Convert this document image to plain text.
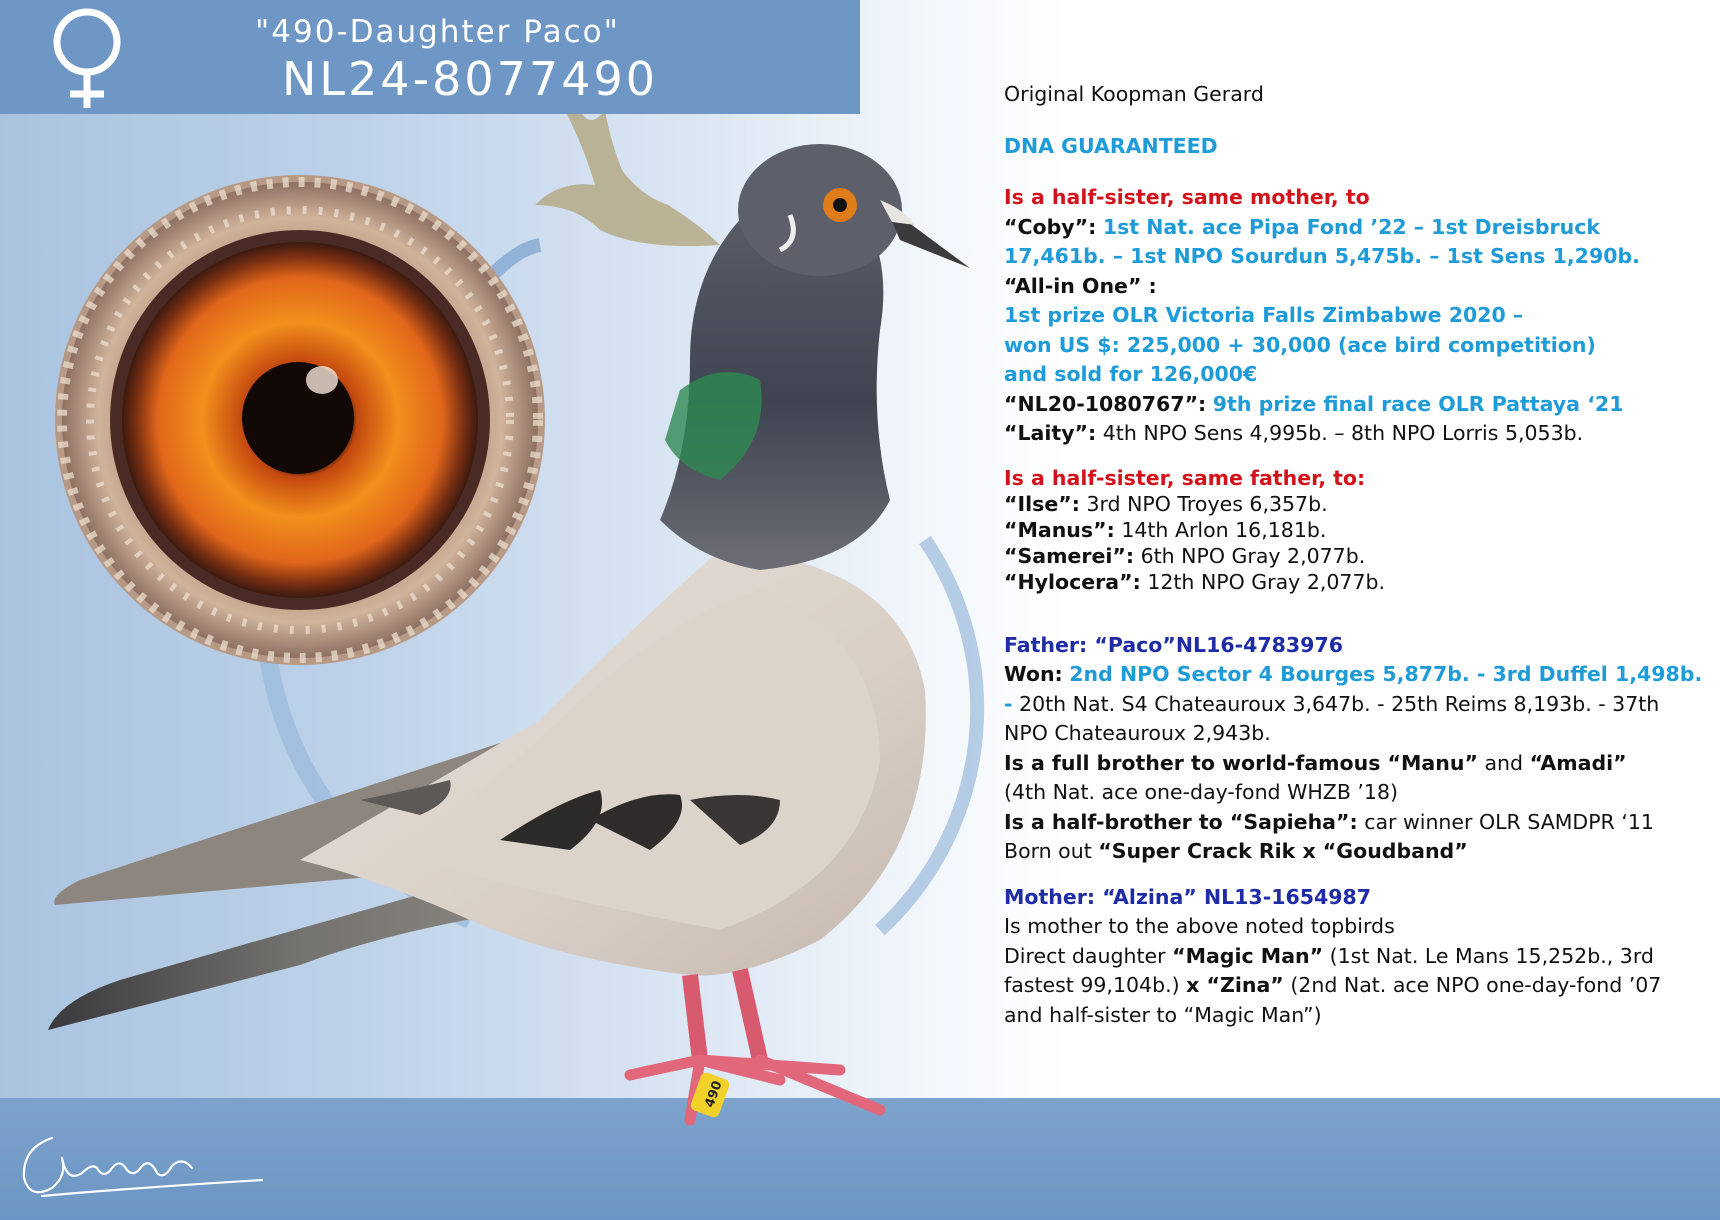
490
"490-Daughter Paco"
NL24-8077490	Original Koopman Gerard

DNA GUARANTEED

Is a half-sister, same mother, to

“Coby”: 1st Nat. ace Pipa Fond ’22 – 1st Dreisbruck 17,461b. – 1st NPO Sourdun 5,475b. – 1st Sens 1,290b.

“All-in One” :

1st prize OLR Victoria Falls Zimbabwe 2020 –

won US $: 225,000 + 30,000 (ace bird competition)

and sold for 126,000€

“NL20-1080767”: 9th prize final race OLR Pattaya ‘21

“Laity”: 4th NPO Sens 4,995b. – 8th NPO Lorris 5,053b.

Is a half-sister, same father, to:

“Ilse”: 3rd NPO Troyes 6,357b.

“Manus”: 14th Arlon 16,181b.

“Samerei”: 6th NPO Gray 2,077b.

“Hylocera”: 12th NPO Gray 2,077b.

Father: “Paco”NL16-4783976

Won: 2nd NPO Sector 4 Bourges 5,877b. - 3rd Duffel 1,498b. - 20th Nat. S4 Chateauroux 3,647b. - 25th Reims 8,193b. - 37th NPO Chateauroux 2,943b.

Is a full brother to world-famous “Manu” and “Amadi”

(4th Nat. ace one-day-fond WHZB ’18)

Is a half-brother to “Sapieha”: car winner OLR SAMDPR ‘11

Born out “Super Crack Rik x “Goudband”

Mother: “Alzina” NL13-1654987

Is mother to the above noted topbirds

Direct daughter “Magic Man” (1st Nat. Le Mans 15,252b., 3rd fastest 99,104b.) x “Zina” (2nd Nat. ace NPO one-day-fond ’07 and half-sister to “Magic Man”)
